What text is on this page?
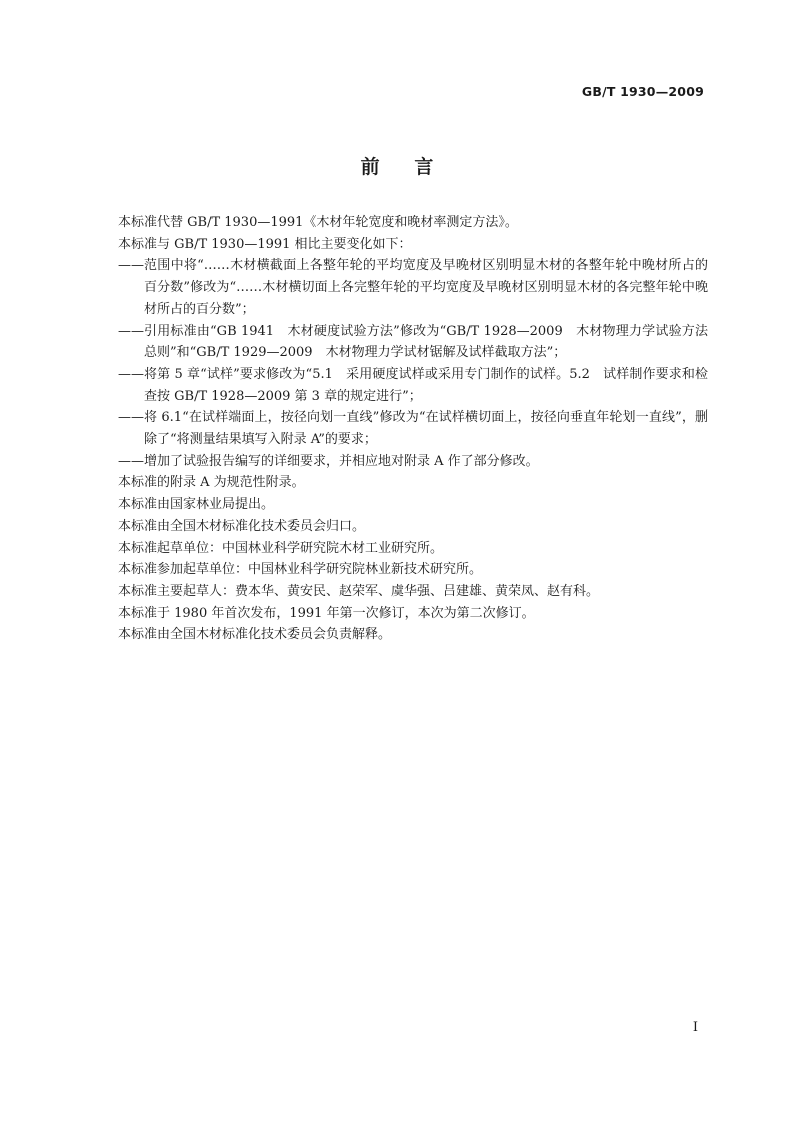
GB/T 1930—2009
前 言

本标准代替 GB/T 1930—1991《木材年轮宽度和晚材率测定方法》。

本标准与 GB/T 1930—1991 相比主要变化如下：

—— 范围中将“……木材横截面上各整年轮的平均宽度及早晚材区别明显木材的各整年轮中晚材所占的百分数”修改为“……木材横切面上各完整年轮的平均宽度及早晚材区别明显木材的各完整年轮中晚材所占的百分数”；
—— 引用标准由“GB 1941　木材硬度试验方法”修改为“GB/T 1928—2009　木材物理力学试验方法总则”和“GB/T 1929—2009　木材物理力学试材锯解及试样截取方法”；
—— 将第 5 章“试样”要求修改为“5.1　采用硬度试样或采用专门制作的试样。5.2　试样制作要求和检查按 GB/T 1928—2009 第 3 章的规定进行”；
—— 将 6.1“在试样端面上，按径向划一直线”修改为“在试样横切面上，按径向垂直年轮划一直线”，删除了“将测量结果填写入附录 A”的要求；
—— 增加了试验报告编写的详细要求，并相应地对附录 A 作了部分修改。

本标准的附录 A 为规范性附录。

本标准由国家林业局提出。

本标准由全国木材标准化技术委员会归口。

本标准起草单位：中国林业科学研究院木材工业研究所。

本标准参加起草单位：中国林业科学研究院林业新技术研究所。

本标准主要起草人：费本华、黄安民、赵荣军、虞华强、吕建雄、黄荣凤、赵有科。

本标准于 1980 年首次发布，1991 年第一次修订，本次为第二次修订。

本标准由全国木材标准化技术委员会负责解释。

I
